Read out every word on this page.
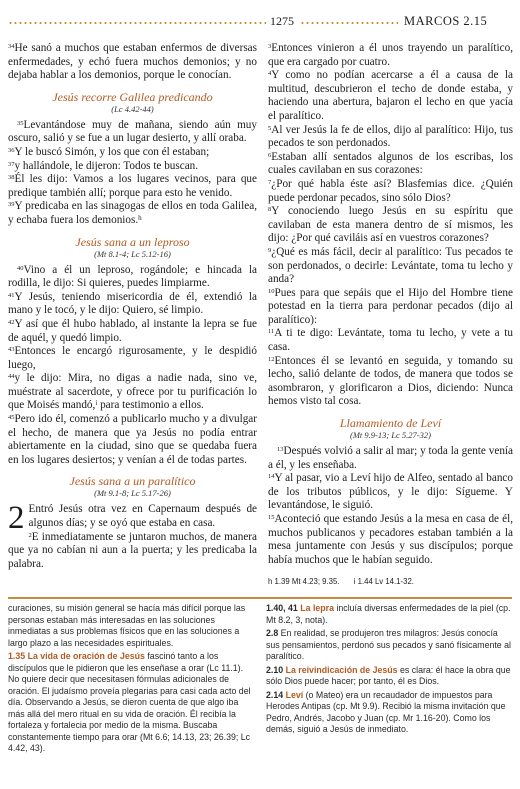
1275	MARCOS 2.15

$^{34}$He sanó a muchos que estaban enfermos de diversas enfermedades, y echó fuera muchos demonios; y no dejaba hablar a los demonios, porque le conocían.

Jesús recorre Galilea predicando
(Lc 4.42-44)

$^{35}$Levantándose muy de mañana, siendo aún muy oscuro, salió y se fue a un lugar desierto, y allí oraba.

$^{36}$Y le buscó Simón, y los que con él estaban;

$^{37}$y hallándole, le dijeron: Todos te buscan.

$^{38}$Él les dijo: Vamos a los lugares vecinos, para que predique también allí; porque para esto he venido.

$^{39}$Y predicaba en las sinagogas de ellos en toda Galilea, y echaba fuera los demonios.$^h$

Jesús sana a un leproso
(Mt 8.1-4; Lc 5.12-16)

$^{40}$Vino a él un leproso, rogándole; e hincada la rodilla, le dijo: Si quieres, puedes limpiarme.

$^{41}$Y Jesús, teniendo misericordia de él, extendió la mano y le tocó, y le dijo: Quiero, sé limpio.

$^{42}$Y así que él hubo hablado, al instante la lepra se fue de aquél, y quedó limpio.

$^{43}$Entonces le encargó rigurosamente, y le despidió luego,

$^{44}$y le dijo: Mira, no digas a nadie nada, sino ve, muéstrate al sacerdote, y ofrece por tu purificación lo que Moisés mandó,$^i$ para testimonio a ellos.

$^{45}$Pero ido él, comenzó a publicarlo mucho y a divulgar el hecho, de manera que ya Jesús no podía entrar abiertamente en la ciudad, sino que se quedaba fuera en los lugares desiertos; y venían a él de todas partes.

Jesús sana a un paralítico
(Mt 9.1-8; Lc 5.17-26)
2 Entró Jesús otra vez en Capernaum después de algunos días; y se oyó que estaba en casa.

$^2$E inmediatamente se juntaron muchos, de manera que ya no cabían ni aun a la puerta; y les predicaba la palabra.

$^3$Entonces vinieron a él unos trayendo un paralítico, que era cargado por cuatro.

$^4$Y como no podían acercarse a él a causa de la multitud, descubrieron el techo de donde estaba, y haciendo una abertura, bajaron el lecho en que yacía el paralítico.

$^5$Al ver Jesús la fe de ellos, dijo al paralítico: Hijo, tus pecados te son perdonados.

$^6$Estaban allí sentados algunos de los escribas, los cuales cavilaban en sus corazones:

$^7$¿Por qué habla éste así? Blasfemias dice. ¿Quién puede perdonar pecados, sino sólo Dios?

$^8$Y conociendo luego Jesús en su espíritu que cavilaban de esta manera dentro de sí mismos, les dijo: ¿Por qué caviláis así en vuestros corazones?

$^9$¿Qué es más fácil, decir al paralítico: Tus pecados te son perdonados, o decirle: Levántate, toma tu lecho y anda?

$^{10}$Pues para que sepáis que el Hijo del Hombre tiene potestad en la tierra para perdonar pecados (dijo al paralítico):

$^{11}$A ti te digo: Levántate, toma tu lecho, y vete a tu casa.

$^{12}$Entonces él se levantó en seguida, y tomando su lecho, salió delante de todos, de manera que todos se asombraron, y glorificaron a Dios, diciendo: Nunca hemos visto tal cosa.

Llamamiento de Leví
(Mt 9.9-13; Lc 5.27-32)

$^{13}$Después volvió a salir al mar; y toda la gente venía a él, y les enseñaba.

$^{14}$Y al pasar, vio a Leví hijo de Alfeo, sentado al banco de los tributos públicos, y le dijo: Sígueme. Y levantándose, le siguió.

$^{15}$Aconteció que estando Jesús a la mesa en casa de él, muchos publicanos y pecadores estaban también a la mesa juntamente con Jesús y sus discípulos; porque había muchos que le habían seguido.

h 1.39 Mt 4.23; 9.35. i 1.44 Lv 14.1-32.

curaciones, su misión general se hacía más difícil porque las personas estaban más interesadas en las soluciones inmediatas a sus problemas físicos que en las soluciones a largo plazo a las necesidades espirituales.

1.35 La vida de oración de Jesús fascinó tanto a los discípulos que le pidieron que les enseñase a orar (Lc 11.1). No quiere decir que necesitasen fórmulas adicionales de oración. El judaísmo proveía plegarias para casi cada acto del día. Observando a Jesús, se dieron cuenta de que algo iba más allá del mero ritual en su vida de oración. Él recibía la fortaleza y fortaleciа por medio de la misma. Buscaba constantemente tiempo para orar (Mt 6.6; 14.13, 23; 26.39; Lc 4.42, 43).

1.40, 41 La lepra incluía diversas enfermedades de la piel (cp. Mt 8.2, 3, nota).

2.8 En realidad, se produjeron tres milagros: Jesús conocía sus pensamientos, perdonó sus pecados y sanó físicamente al paralítico.

2.10 La reivindicación de Jesús es clara: él hace la obra que sólo Dios puede hacer; por tanto, él es Dios.

2.14 Leví (o Mateo) era un recaudador de impuestos para Herodes Antipas (cp. Mt 9.9). Recibió la misma invitación que Pedro, Andrés, Jacobo y Juan (cp. Mr 1.16-20). Como los demás, siguió a Jesús de inmediato.
